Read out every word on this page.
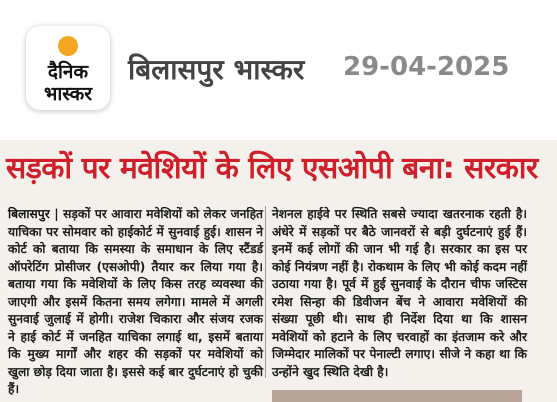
दैनिक
भास्कर
बिलासपुर भास्कर 29-04-2025
सड़कों पर मवेशियों के लिए एसओपी बना: सरकार
बिलासपुर | सड़कों पर आवारा मवेशियों को लेकर जनहित याचिका पर सोमवार को हाईकोर्ट में सुनवाई हुई। शासन ने कोर्ट को बताया कि समस्या के समाधान के लिए स्टैंडर्ड ऑपरेटिंग प्रोसीजर (एसओपी) तैयार कर लिया गया है। बताया गया कि मवेशियों के लिए किस तरह व्यवस्था की जाएगी और इसमें कितना समय लगेगा। मामले में अगली सुनवाई जुलाई में होगी। राजेश चिकारा और संजय रजक ने हाई कोर्ट में जनहित याचिका लगाई था, इसमें बताया कि मुख्य मार्गों और शहर की सड़कों पर मवेशियों को खुला छोड़ दिया जाता है। इससे कई बार दुर्घटनाएं हो चुकी हैं।
नेशनल हाईवे पर स्थिति सबसे ज्यादा खतरनाक रहती है। अंधेरे में सड़कों पर बैठे जानवरों से बड़ी दुर्घटनाएं हुई हैं। इनमें कई लोगों की जान भी गई है। सरकार का इस पर कोई नियंत्रण नहीं है। रोकथाम के लिए भी कोई कदम नहीं उठाया गया है। पूर्व में हुई सुनवाई के दौरान चीफ जस्टिस रमेश सिन्हा की डिवीजन बेंच ने आवारा मवेशियों की संख्या पूछी थी। साथ ही निर्देश दिया था कि शासन मवेशियों को हटाने के लिए चरवाहों का इंतजाम करे और जिम्मेदार मालिकों पर पेनाल्टी लगाए। सीजे ने कहा था कि उन्होंने खुद स्थिति देखी है।
